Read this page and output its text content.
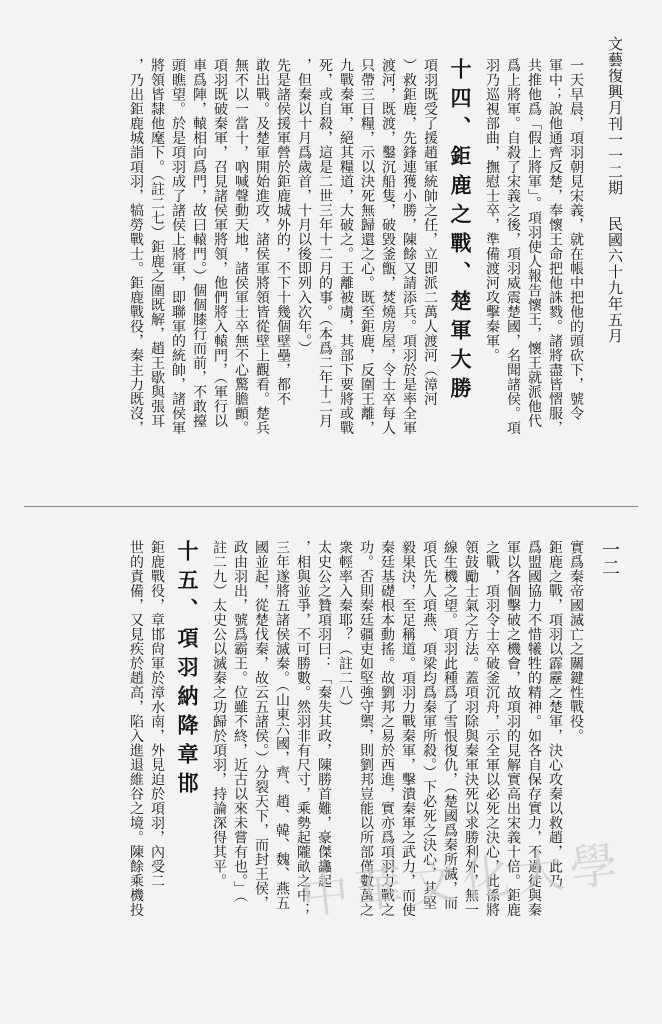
文藝復興月刊一一二期
民國六十九年五月
一二
一天早晨，項羽朝見宋義，就在帳中把他的頭砍下，號令
軍中；說他通齊反楚，奉懷王命把他誅戮。諸將盡皆慴服，
共推他爲「假上將軍」。項羽使人報告懷王，懷王就派他代
爲上將軍。自殺了宋義之後，項羽威震楚國，名聞諸侯。項
羽乃巡視部曲，撫慰士卒，準備渡河攻擊秦軍。
十四、鉅鹿之戰、楚軍大勝
項羽既受了援趙軍統帥之任，立即派二萬人渡河（漳河
）救鉅鹿，先鋒連獲小勝，陳餘又請添兵。項羽於是率全軍
渡河，既渡，鑿沉船隻，破毀釜甑，焚燒房屋，令士卒每人
只帶三日糧，示以決死無歸還之心。既至鉅鹿，反圍王離，
九戰秦軍，絕其糧道，大破之。王離被虜，其部下要將或戰
死，或自殺，這是二世三年十二月的事。（本爲二年十二月
，但秦以十月爲歲首，十月以後即列入次年。）
先是諸侯援軍營於鉅鹿城外的，不下十幾個壁壘，都不
敢出戰。及楚軍開始進攻，諸侯軍將領皆從壁上觀看。楚兵
無不以一當十，吶喊聲動天地，諸侯軍士卒無不心驚膽顫。
項羽既破秦軍，召見諸侯軍將領，他們將入轅門，（軍行以
車爲陣，轅相向爲門，故曰轅門。）個個膝行而前，不敢擡
頭瞧望。於是項羽成了諸侯上將軍，即聯軍的統帥，諸侯軍
將領皆隸他麾下。（註二七）鉅鹿之圍既解，趙王歇與張耳
，乃出鉅鹿城詣項羽，犒勞戰士。鉅鹿戰役，秦主力既沒，
實爲秦帝國滅亡之關鍵性戰役。
鉅鹿之戰，項羽以霹靂之楚軍，決心攻秦以救趙，此乃
爲盟國協力不惜犧牲的精神。如各自保存實力，不過徒與秦
軍以各個擊破之機會，故項羽的見解實高出宋義十倍。鉅鹿
之戰，項羽令士卒破釜沉舟，示全軍以必死之決心，此係將
領鼓勵士氣之方法。蓋項羽除與秦軍決死以求勝利外，無一
線生機之望。項羽此種爲了雪恨復仇，（楚國爲秦所滅，而
項氏先人項燕、項梁均爲秦軍所殺。）下必死之決心，其堅
毅果決，至足稱道。項羽力戰秦軍，擊潰秦軍之武力，而使
秦廷基礎根本動搖。故劉邦之易於西進，實亦爲項羽力戰之
功。否則秦廷疆吏如堅強守禦，則劉邦豈能以所部僅數萬之
衆輕率入秦耶？（註二八）
太史公之贊項羽曰：「秦失其政，陳勝首難，豪傑蠭起
，相與並爭，不可勝數。然羽非有尺寸，乘勢起隴畝之中；
三年遂將五諸侯滅秦。（山東六國，齊、趙、韓、魏、燕五
國並起，從楚伐秦，故云五諸侯。）分裂天下，而封王侯，
政由羽出，號爲霸王。位雖不終，近古以來未嘗有也。」（
註二九）太史公以滅秦之功歸於項羽，持論深得其平。
十五、項羽納降章邯
鉅鹿戰役，章邯尙軍於漳水南，外見迫於項羽，內受二
世的責備，又見疾於趙高，陷入進退維谷之境。陳餘乘機投	中華文化大學
